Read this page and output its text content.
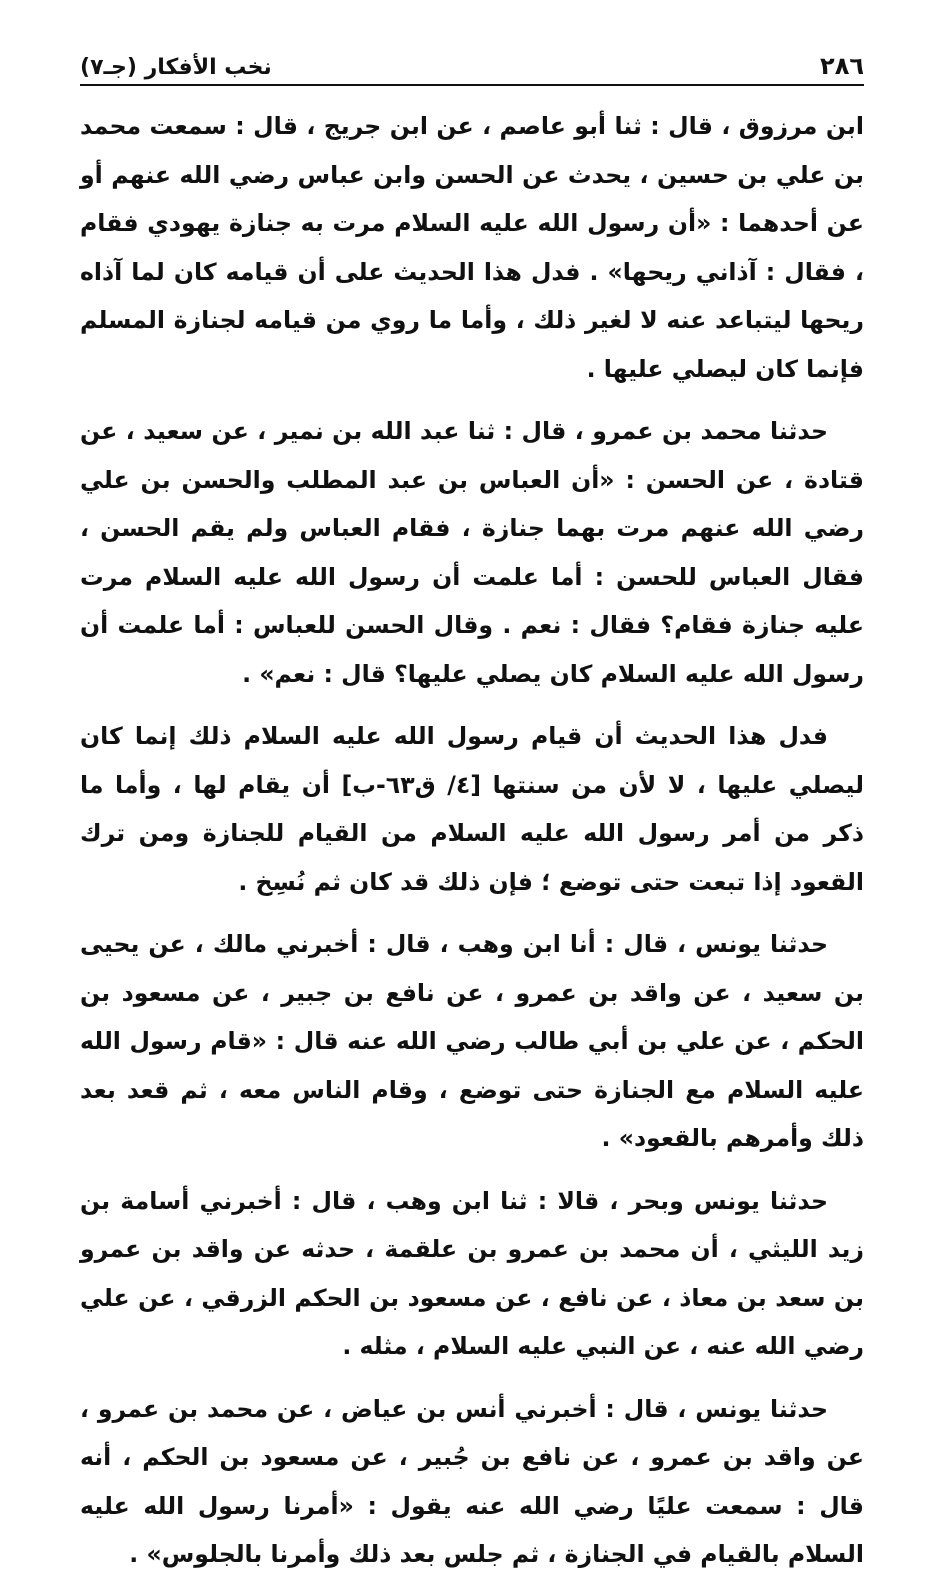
٢٨٦
نخب الأفكار (جـ٧)

ابن مرزوق ، قال : ثنا أبو عاصم ، عن ابن جريج ، قال : سمعت محمد بن علي بن حسين ، يحدث عن الحسن وابن عباس رضي الله عنهم أو عن أحدهما : «أن رسول الله عليه السلام مرت به جنازة يهودي فقام ، فقال : آذاني ريحها» . فدل هذا الحديث على أن قيامه كان لما آذاه ريحها ليتباعد عنه لا لغير ذلك ، وأما ما روي من قيامه لجنازة المسلم فإنما كان ليصلي عليها .

حدثنا محمد بن عمرو ، قال : ثنا عبد الله بن نمير ، عن سعيد ، عن قتادة ، عن الحسن : «أن العباس بن عبد المطلب والحسن بن علي رضي الله عنهم مرت بهما جنازة ، فقام العباس ولم يقم الحسن ، فقال العباس للحسن : أما علمت أن رسول الله عليه السلام مرت عليه جنازة فقام؟ فقال : نعم . وقال الحسن للعباس : أما علمت أن رسول الله عليه السلام كان يصلي عليها؟ قال : نعم» .

فدل هذا الحديث أن قيام رسول الله عليه السلام ذلك إنما كان ليصلي عليها ، لا لأن من سنتها [٤/ ق٦٣-ب] أن يقام لها ، وأما ما ذكر من أمر رسول الله عليه السلام من القيام للجنازة ومن ترك القعود إذا تبعت حتى توضع ؛ فإن ذلك قد كان ثم نُسِخ .

حدثنا يونس ، قال : أنا ابن وهب ، قال : أخبرني مالك ، عن يحيى بن سعيد ، عن واقد بن عمرو ، عن نافع بن جبير ، عن مسعود بن الحكم ، عن علي بن أبي طالب رضي الله عنه قال : «قام رسول الله عليه السلام مع الجنازة حتى توضع ، وقام الناس معه ، ثم قعد بعد ذلك وأمرهم بالقعود» .

حدثنا يونس وبحر ، قالا : ثنا ابن وهب ، قال : أخبرني أسامة بن زيد الليثي ، أن محمد بن عمرو بن علقمة ، حدثه عن واقد بن عمرو بن سعد بن معاذ ، عن نافع ، عن مسعود بن الحكم الزرقي ، عن علي رضي الله عنه ، عن النبي عليه السلام ، مثله .

حدثنا يونس ، قال : أخبرني أنس بن عياض ، عن محمد بن عمرو ، عن واقد بن عمرو ، عن نافع بن جُبير ، عن مسعود بن الحكم ، أنه قال : سمعت عليًا رضي الله عنه يقول : «أمرنا رسول الله عليه السلام بالقيام في الجنازة ، ثم جلس بعد ذلك وأمرنا بالجلوس» .
